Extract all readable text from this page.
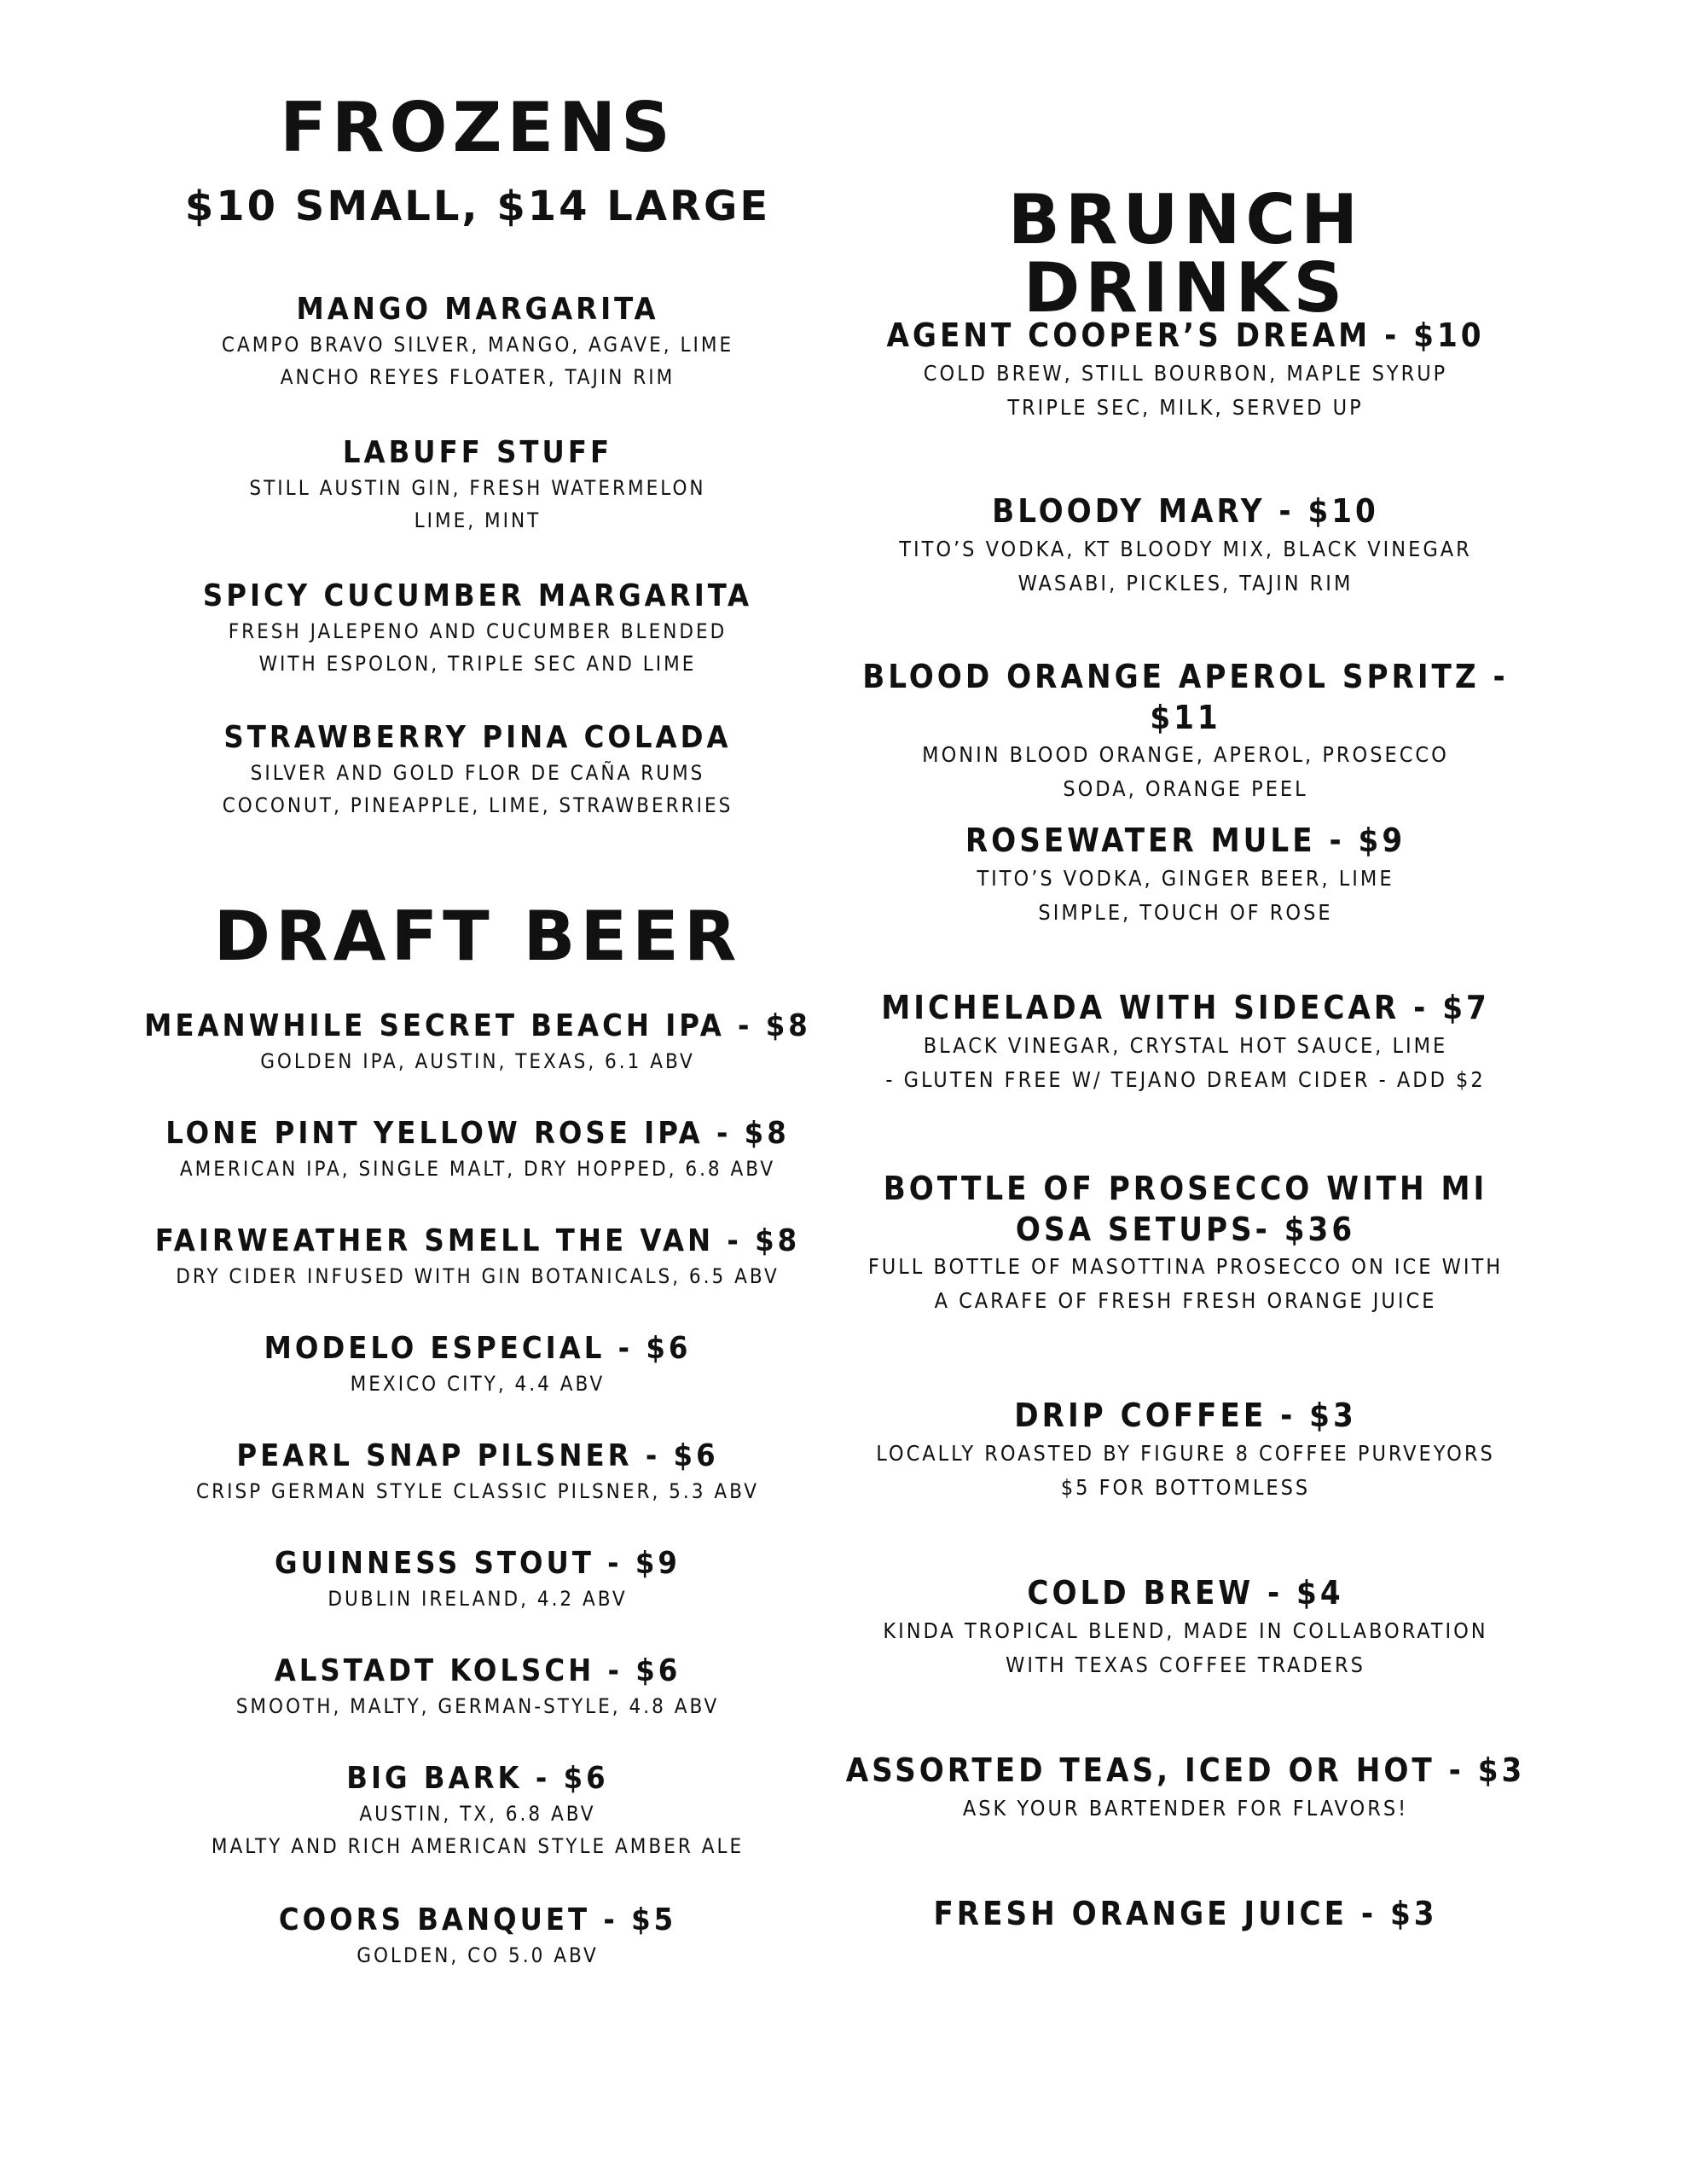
FROZENS
$10 SMALL, $14 LARGE
MANGO MARGARITA
CAMPO BRAVO SILVER, MANGO, AGAVE, LIME
ANCHO REYES FLOATER, TAJIN RIM
LABUFF STUFF
STILL AUSTIN GIN, FRESH WATERMELON
LIME, MINT
SPICY CUCUMBER MARGARITA
FRESH JALEPENO AND CUCUMBER BLENDED
WITH ESPOLON, TRIPLE SEC AND LIME
STRAWBERRY PINA COLADA
SILVER AND GOLD FLOR DE CAÑA RUMS
COCONUT, PINEAPPLE, LIME, STRAWBERRIES
DRAFT BEER
MEANWHILE SECRET BEACH IPA - $8
GOLDEN IPA, AUSTIN, TEXAS, 6.1 ABV
LONE PINT YELLOW ROSE IPA - $8
AMERICAN IPA, SINGLE MALT, DRY HOPPED, 6.8 ABV
FAIRWEATHER SMELL THE VAN - $8
DRY CIDER INFUSED WITH GIN BOTANICALS, 6.5 ABV
MODELO ESPECIAL - $6
MEXICO CITY, 4.4 ABV
PEARL SNAP PILSNER - $6
CRISP GERMAN STYLE CLASSIC PILSNER, 5.3 ABV
GUINNESS STOUT - $9
DUBLIN IRELAND, 4.2 ABV
ALSTADT KOLSCH - $6
SMOOTH, MALTY, GERMAN-STYLE, 4.8 ABV
BIG BARK - $6
AUSTIN, TX, 6.8 ABV
MALTY AND RICH AMERICAN STYLE AMBER ALE
COORS BANQUET - $5
GOLDEN, CO 5.0 ABV
BRUNCH DRINKS
AGENT COOPER’S DREAM - $10
COLD BREW, STILL BOURBON, MAPLE SYRUP
TRIPLE SEC, MILK, SERVED UP
BLOODY MARY - $10
TITO’S VODKA, KT BLOODY MIX, BLACK VINEGAR
WASABI, PICKLES, TAJIN RIM
BLOOD ORANGE APEROL SPRITZ - $11
MONIN BLOOD ORANGE, APEROL, PROSECCO
SODA, ORANGE PEEL
ROSEWATER MULE - $9
TITO’S VODKA, GINGER BEER, LIME
SIMPLE, TOUCH OF ROSE
MICHELADA WITH SIDECAR - $7
BLACK VINEGAR, CRYSTAL HOT SAUCE, LIME
- GLUTEN FREE W/ TEJANO DREAM CIDER - ADD $2
BOTTLE OF PROSECCO WITH MI
OSA SETUPS- $36
FULL BOTTLE OF MASOTTINA PROSECCO ON ICE WITH
A CARAFE OF FRESH FRESH ORANGE JUICE
DRIP COFFEE - $3
LOCALLY ROASTED BY FIGURE 8 COFFEE PURVEYORS
$5 FOR BOTTOMLESS
COLD BREW - $4
KINDA TROPICAL BLEND, MADE IN COLLABORATION
WITH TEXAS COFFEE TRADERS
ASSORTED TEAS, ICED OR HOT - $3
ASK YOUR BARTENDER FOR FLAVORS!
FRESH ORANGE JUICE - $3
